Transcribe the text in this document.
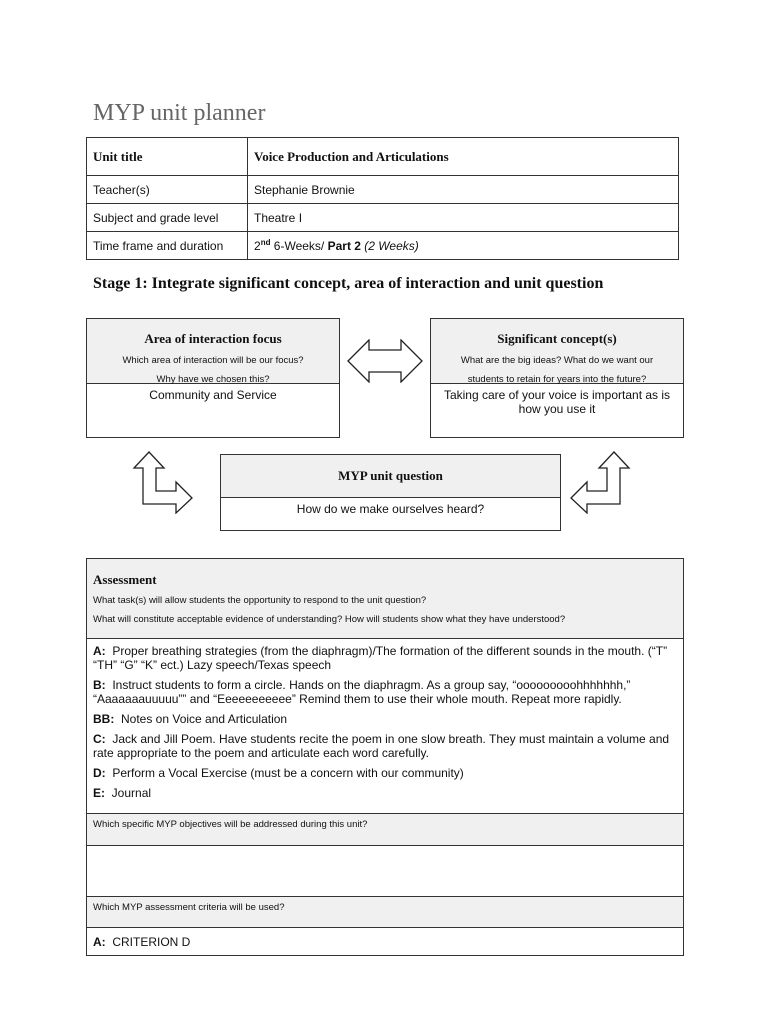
MYP unit planner
Unit title	Voice Production and Articulations
Teacher(s)	Stephanie Brownie
Subject and grade level	Theatre I
Time frame and duration	2nd 6-Weeks/ Part 2 (2 Weeks)
Stage 1: Integrate significant concept, area of interaction and unit question
Area of interaction focus
Which area of interaction will be our focus?
Why have we chosen this?
Community and Service
Significant concept(s)
What are the big ideas? What do we want our
students to retain for years into the future?
Taking care of your voice is important as is how you use it
MYP unit question
How do we make ourselves heard?
Assessment
What task(s) will allow students the opportunity to respond to the unit question?
What will constitute acceptable evidence of understanding? How will students show what they have understood?
A: Proper breathing strategies (from the diaphragm)/The formation of the different sounds in the mouth. (“T” “TH” “G” “K” ect.) Lazy speech/Texas speech
B: Instruct students to form a circle. Hands on the diaphragm. As a group say, “ooooooooohhhhhhh,” “Aaaaaaauuuuu”” and “Eeeeeeeeeee” Remind them to use their whole mouth. Repeat more rapidly.
BB: Notes on Voice and Articulation
C: Jack and Jill Poem. Have students recite the poem in one slow breath. They must maintain a volume and rate appropriate to the poem and articulate each word carefully.
D: Perform a Vocal Exercise (must be a concern with our community)
E: Journal
Which specific MYP objectives will be addressed during this unit?
Which MYP assessment criteria will be used?
A: CRITERION D
